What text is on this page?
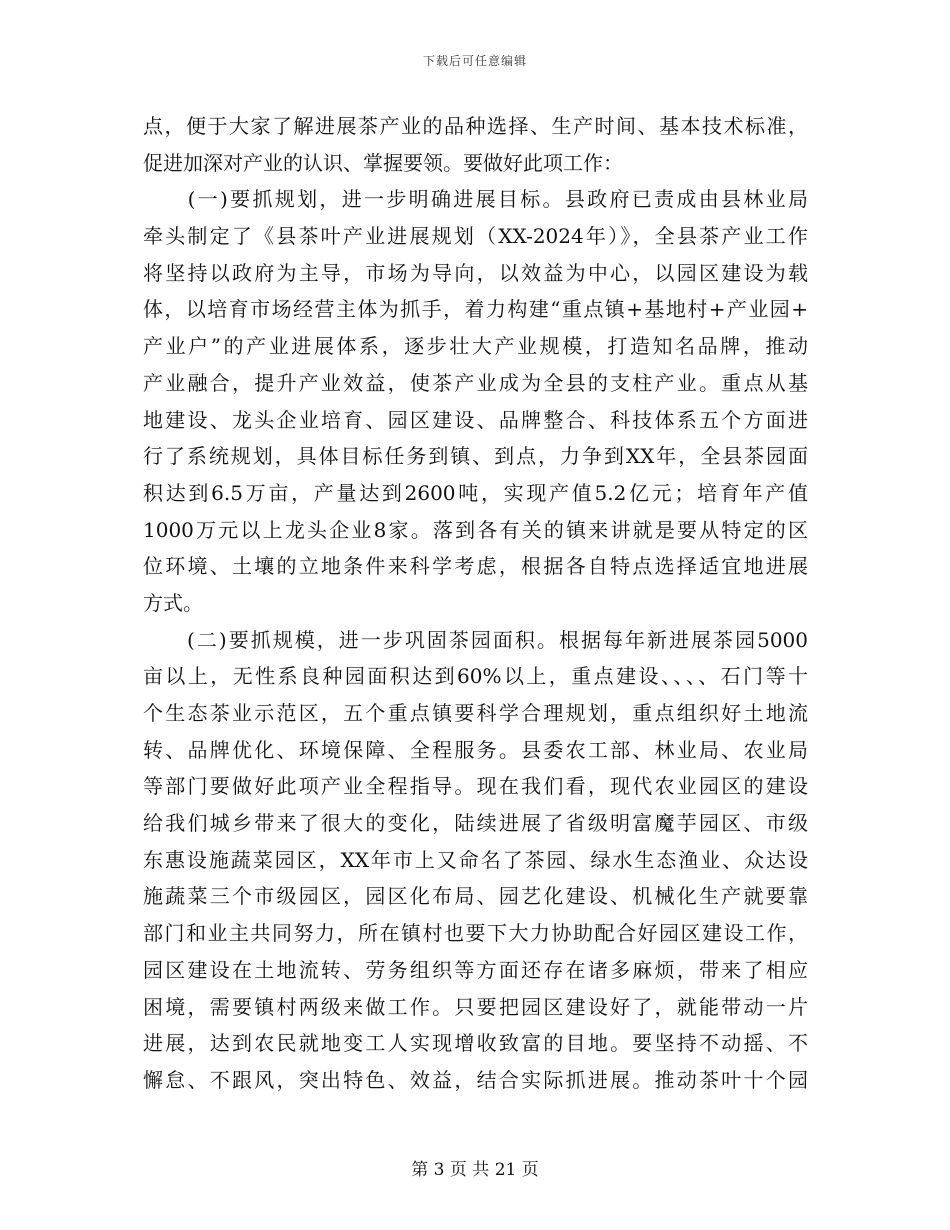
下载后可任意编辑
点，便于大家了解进展茶产业的品种选择、生产时间、基本技术标准，
促进加深对产业的认识、掌握要领。要做好此项工作：
　　(一)要抓规划，进一步明确进展目标。县政府已责成由县林业局
牵头制定了《县茶叶产业进展规划（XX-2024年）》，全县茶产业工作
将坚持以政府为主导，市场为导向，以效益为中心，以园区建设为载
体，以培育市场经营主体为抓手，着力构建“重点镇+基地村+产业园+
产业户”的产业进展体系，逐步壮大产业规模，打造知名品牌，推动
产业融合，提升产业效益，使茶产业成为全县的支柱产业。重点从基
地建设、龙头企业培育、园区建设、品牌整合、科技体系五个方面进
行了系统规划，具体目标任务到镇、到点，力争到XX年，全县茶园面
积达到6.5万亩，产量达到2600吨，实现产值5.2亿元；培育年产值
1000万元以上龙头企业8家。落到各有关的镇来讲就是要从特定的区
位环境、土壤的立地条件来科学考虑，根据各自特点选择适宜地进展
方式。
　　(二)要抓规模，进一步巩固茶园面积。根据每年新进展茶园5000
亩以上，无性系良种园面积达到60%以上，重点建设、、、、石门等十
个生态茶业示范区，五个重点镇要科学合理规划，重点组织好土地流
转、品牌优化、环境保障、全程服务。县委农工部、林业局、农业局
等部门要做好此项产业全程指导。现在我们看，现代农业园区的建设
给我们城乡带来了很大的变化，陆续进展了省级明富魔芋园区、市级
东惠设施蔬菜园区，XX年市上又命名了茶园、绿水生态渔业、众达设
施蔬菜三个市级园区，园区化布局、园艺化建设、机械化生产就要靠
部门和业主共同努力，所在镇村也要下大力协助配合好园区建设工作，
园区建设在土地流转、劳务组织等方面还存在诸多麻烦，带来了相应
困境，需要镇村两级来做工作。只要把园区建设好了，就能带动一片
进展，达到农民就地变工人实现增收致富的目地。要坚持不动摇、不
懈怠、不跟风，突出特色、效益，结合实际抓进展。推动茶叶十个园
第 3 页 共 21 页
